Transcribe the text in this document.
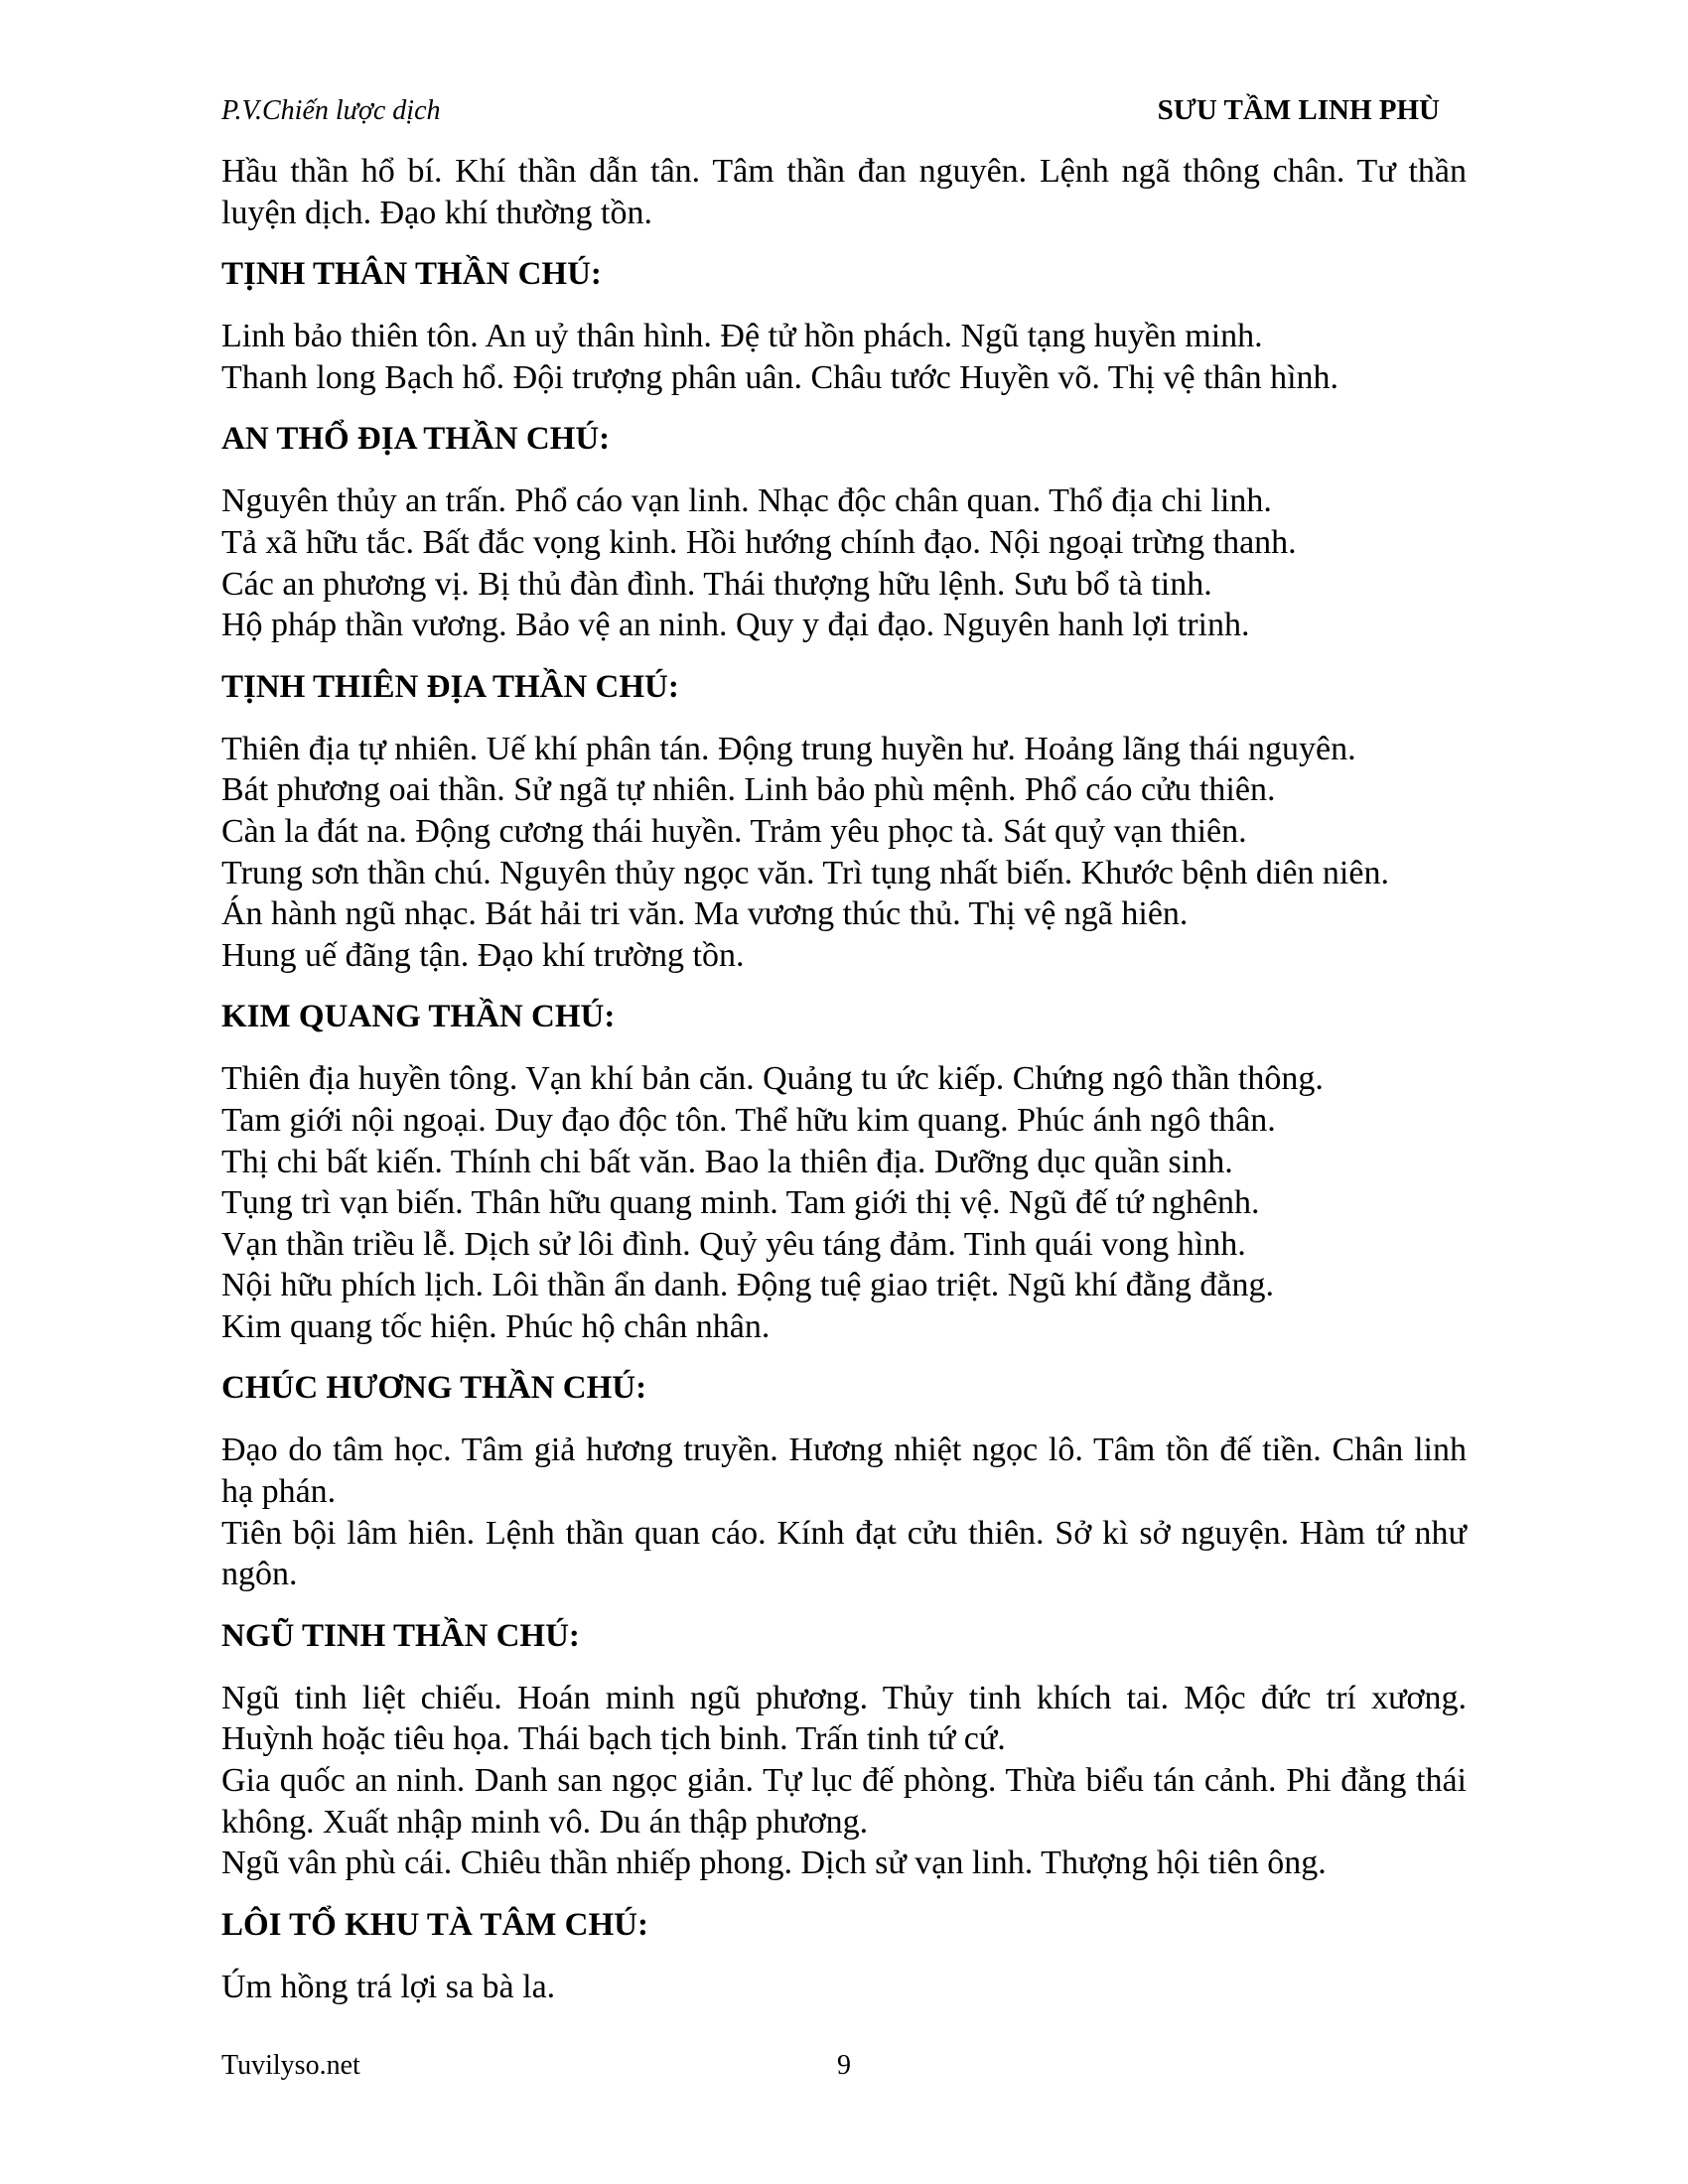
P.V.Chiến lược dịch	SƯU TẦM LINH PHÙ

Hầu thần hổ bí. Khí thần dẫn tân. Tâm thần đan nguyên. Lệnh ngã thông chân. Tư thần luyện dịch. Đạo khí thường tồn.

TỊNH THÂN THẦN CHÚ:

Linh bảo thiên tôn. An uỷ thân hình. Đệ tử hồn phách. Ngũ tạng huyền minh.

Thanh long Bạch hổ. Đội trượng phân uân. Châu tước Huyền võ. Thị vệ thân hình.

AN THỔ ĐỊA THẦN CHÚ:

Nguyên thủy an trấn. Phổ cáo vạn linh. Nhạc độc chân quan. Thổ địa chi linh.

Tả xã hữu tắc. Bất đắc vọng kinh. Hồi hướng chính đạo. Nội ngoại trừng thanh.

Các an phương vị. Bị thủ đàn đình. Thái thượng hữu lệnh. Sưu bổ tà tinh.

Hộ pháp thần vương. Bảo vệ an ninh. Quy y đại đạo. Nguyên hanh lợi trinh.

TỊNH THIÊN ĐỊA THẦN CHÚ:

Thiên địa tự nhiên. Uế khí phân tán. Động trung huyền hư. Hoảng lãng thái nguyên.

Bát phương oai thần. Sử ngã tự nhiên. Linh bảo phù mệnh. Phổ cáo cửu thiên.

Càn la đát na. Động cương thái huyền. Trảm yêu phọc tà. Sát quỷ vạn thiên.

Trung sơn thần chú. Nguyên thủy ngọc văn. Trì tụng nhất biến. Khước bệnh diên niên.

Án hành ngũ nhạc. Bát hải tri văn. Ma vương thúc thủ. Thị vệ ngã hiên.

Hung uế đãng tận. Đạo khí trường tồn.

KIM QUANG THẦN CHÚ:

Thiên địa huyền tông. Vạn khí bản căn. Quảng tu ức kiếp. Chứng ngô thần thông.

Tam giới nội ngoại. Duy đạo độc tôn. Thể hữu kim quang. Phúc ánh ngô thân.

Thị chi bất kiến. Thính chi bất văn. Bao la thiên địa. Dưỡng dục quần sinh.

Tụng trì vạn biến. Thân hữu quang minh. Tam giới thị vệ. Ngũ đế tứ nghênh.

Vạn thần triều lễ. Dịch sử lôi đình. Quỷ yêu táng đảm. Tinh quái vong hình.

Nội hữu phích lịch. Lôi thần ẩn danh. Động tuệ giao triệt. Ngũ khí đằng đằng.

Kim quang tốc hiện. Phúc hộ chân nhân.

CHÚC HƯƠNG THẦN CHÚ:

Đạo do tâm học. Tâm giả hương truyền. Hương nhiệt ngọc lô. Tâm tồn đế tiền. Chân linh hạ phán.

Tiên bội lâm hiên. Lệnh thần quan cáo. Kính đạt cửu thiên. Sở kì sở nguyện. Hàm tứ như ngôn.

NGŨ TINH THẦN CHÚ:

Ngũ tinh liệt chiếu. Hoán minh ngũ phương. Thủy tinh khích tai. Mộc đức trí xương. Huỳnh hoặc tiêu họa. Thái bạch tịch binh. Trấn tinh tứ cứ.

Gia quốc an ninh. Danh san ngọc giản. Tự lục đế phòng. Thừa biểu tán cảnh. Phi đằng thái không. Xuất nhập minh vô. Du án thập phương.

Ngũ vân phù cái. Chiêu thần nhiếp phong. Dịch sử vạn linh. Thượng hội tiên ông.

LÔI TỔ KHU TÀ TÂM CHÚ:

Úm hồng trá lợi sa bà la.

Tuvilyso.net	9
